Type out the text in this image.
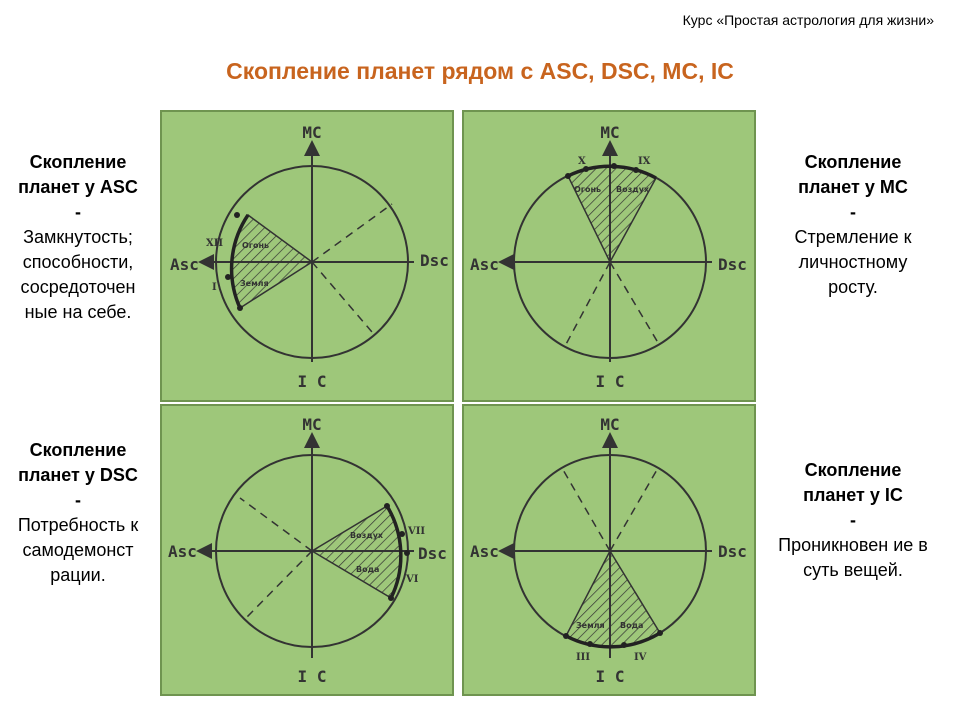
Курс «Простая астрология для жизни»
Скопление планет рядом с ASC, DSC, MC, IC
Скопление планет у ASC
-
Замкнутость; способности, сосредоточен ные на себе.
Скопление планет у MC
-
Стремление к личностному росту.
Скопление планет у DSC
-
Потребность к самодемонст рации.
Скопление планет у IC
-
Проникновен ие в суть вещей.
MC
I C
Asc	Dsc
Огонь
Земля
XII
I
MC
I C
Asc	Dsc
Огонь Воздух
X	IX
MC
I C
Asc	Dsc
Воздух
Вода
VII
VI
MC
I C
Asc	Dsc
Земля Вода
III	IV
